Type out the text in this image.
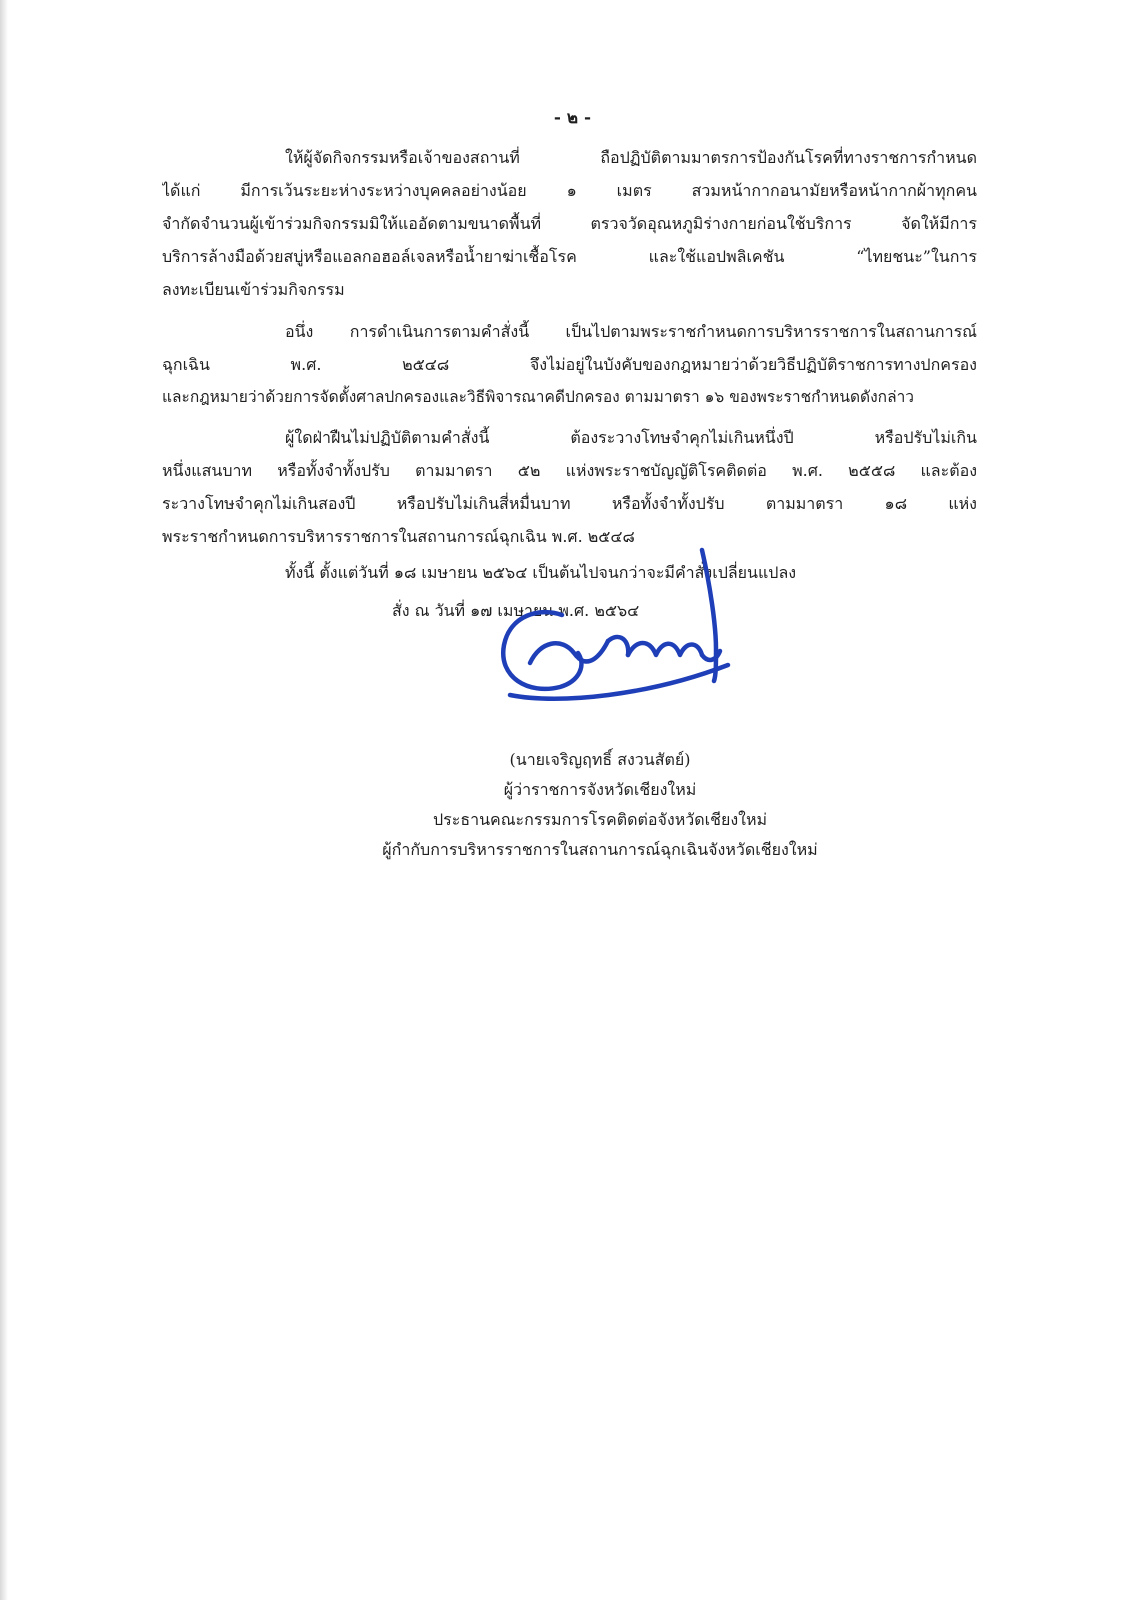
- ๒ -
ให้ผู้จัดกิจกรรมหรือเจ้าของสถานที่ ถือปฏิบัติตามมาตรการป้องกันโรคที่ทางราชการกำหนด
ได้แก่ มีการเว้นระยะห่างระหว่างบุคคลอย่างน้อย ๑ เมตร สวมหน้ากากอนามัยหรือหน้ากากผ้าทุกคน
จำกัดจำนวนผู้เข้าร่วมกิจกรรมมิให้แออัดตามขนาดพื้นที่ ตรวจวัดอุณหภูมิร่างกายก่อนใช้บริการ จัดให้มีการ
บริการล้างมือด้วยสบู่หรือแอลกอฮอล์เจลหรือน้ำยาฆ่าเชื้อโรค และใช้แอปพลิเคชัน “ไทยชนะ”ในการ
ลงทะเบียนเข้าร่วมกิจกรรม
อนึ่ง การดำเนินการตามคำสั่งนี้ เป็นไปตามพระราชกำหนดการบริหารราชการในสถานการณ์
ฉุกเฉิน พ.ศ. ๒๕๔๘ จึงไม่อยู่ในบังคับของกฎหมายว่าด้วยวิธีปฏิบัติราชการทางปกครอง
และกฎหมายว่าด้วยการจัดตั้งศาลปกครองและวิธีพิจารณาคดีปกครอง ตามมาตรา ๑๖ ของพระราชกำหนดดังกล่าว
ผู้ใดฝ่าฝืนไม่ปฏิบัติตามคำสั่งนี้ ต้องระวางโทษจำคุกไม่เกินหนึ่งปี หรือปรับไม่เกิน
หนึ่งแสนบาท หรือทั้งจำทั้งปรับ ตามมาตรา ๕๒ แห่งพระราชบัญญัติโรคติดต่อ พ.ศ. ๒๕๕๘ และต้อง
ระวางโทษจำคุกไม่เกินสองปี หรือปรับไม่เกินสี่หมื่นบาท หรือทั้งจำทั้งปรับ ตามมาตรา ๑๘ แห่ง
พระราชกำหนดการบริหารราชการในสถานการณ์ฉุกเฉิน พ.ศ. ๒๕๔๘
ทั้งนี้ ตั้งแต่วันที่ ๑๘ เมษายน ๒๕๖๔ เป็นต้นไปจนกว่าจะมีคำสั่งเปลี่ยนแปลง
สั่ง ณ วันที่ ๑๗ เมษายน พ.ศ. ๒๕๖๔
(นายเจริญฤทธิ์ สงวนสัตย์)
ผู้ว่าราชการจังหวัดเชียงใหม่
ประธานคณะกรรมการโรคติดต่อจังหวัดเชียงใหม่
ผู้กำกับการบริหารราชการในสถานการณ์ฉุกเฉินจังหวัดเชียงใหม่
